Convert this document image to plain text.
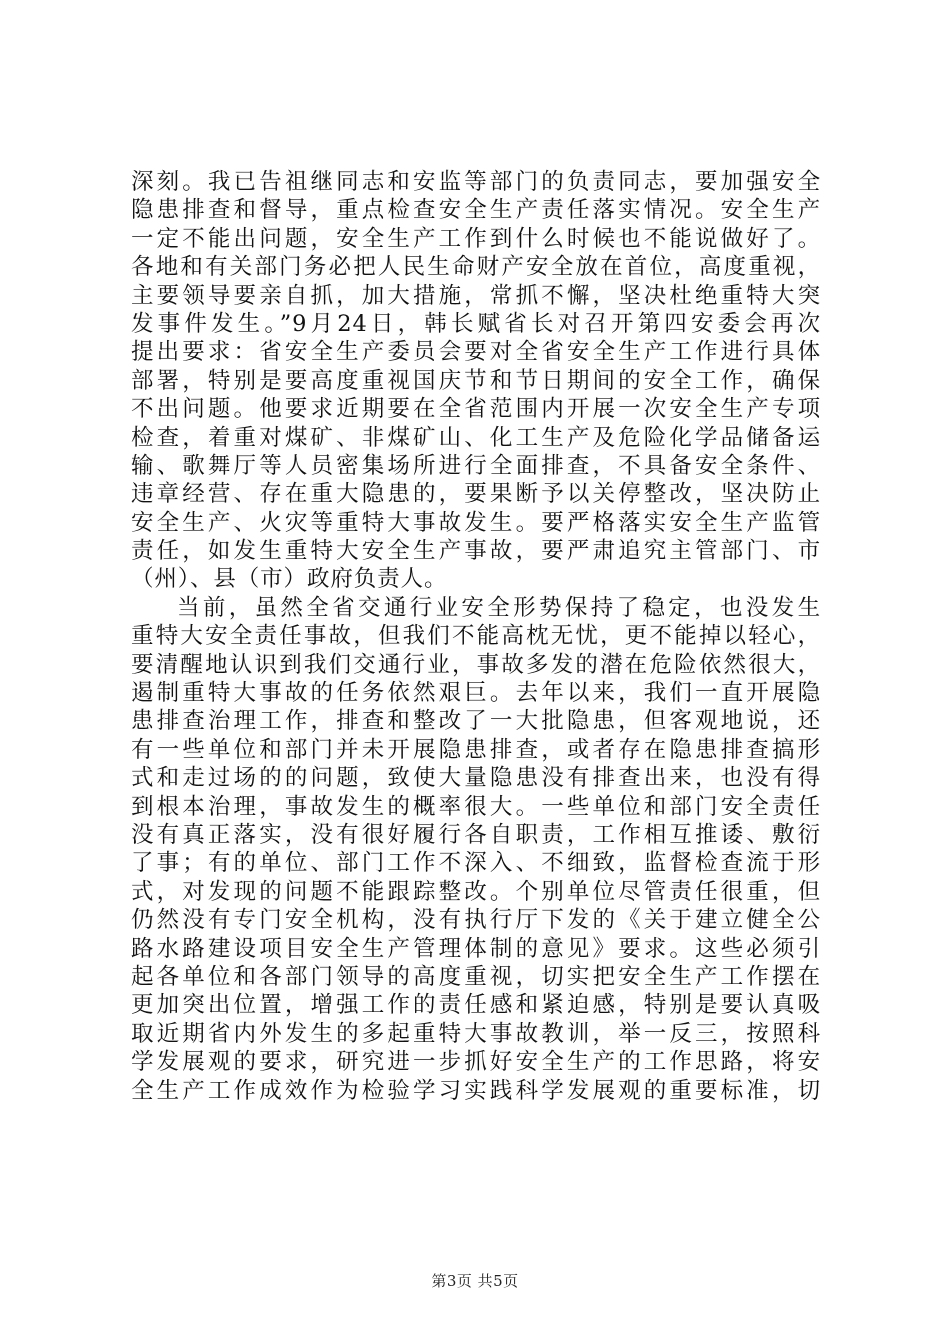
深刻。我已告祖继同志和安监等部门的负责同志，要加强安全
隐患排查和督导，重点检查安全生产责任落实情况。安全生产
一定不能出问题，安全生产工作到什么时候也不能说做好了。
各地和有关部门务必把人民生命财产安全放在首位，高度重视，
主要领导要亲自抓，加大措施，常抓不懈，坚决杜绝重特大突
发事件发生。”9月24日，韩长赋省长对召开第四安委会再次
提出要求：省安全生产委员会要对全省安全生产工作进行具体
部署，特别是要高度重视国庆节和节日期间的安全工作，确保
不出问题。他要求近期要在全省范围内开展一次安全生产专项
检查，着重对煤矿、非煤矿山、化工生产及危险化学品储备运
输、歌舞厅等人员密集场所进行全面排查，不具备安全条件、
违章经营、存在重大隐患的，要果断予以关停整改，坚决防止
安全生产、火灾等重特大事故发生。要严格落实安全生产监管
责任，如发生重特大安全生产事故，要严肃追究主管部门、市
（州）、县（市）政府负责人。
当前，虽然全省交通行业安全形势保持了稳定，也没发生
重特大安全责任事故，但我们不能高枕无忧，更不能掉以轻心，
要清醒地认识到我们交通行业，事故多发的潜在危险依然很大，
遏制重特大事故的任务依然艰巨。去年以来，我们一直开展隐
患排查治理工作，排查和整改了一大批隐患，但客观地说，还
有一些单位和部门并未开展隐患排查，或者存在隐患排查搞形
式和走过场的的问题，致使大量隐患没有排查出来，也没有得
到根本治理，事故发生的概率很大。一些单位和部门安全责任
没有真正落实，没有很好履行各自职责，工作相互推诿、敷衍
了事；有的单位、部门工作不深入、不细致，监督检查流于形
式，对发现的问题不能跟踪整改。个别单位尽管责任很重，但
仍然没有专门安全机构，没有执行厅下发的《关于建立健全公
路水路建设项目安全生产管理体制的意见》要求。这些必须引
起各单位和各部门领导的高度重视，切实把安全生产工作摆在
更加突出位置，增强工作的责任感和紧迫感，特别是要认真吸
取近期省内外发生的多起重特大事故教训，举一反三，按照科
学发展观的要求，研究进一步抓好安全生产的工作思路，将安
全生产工作成效作为检验学习实践科学发展观的重要标准，切
第3页 共5页
